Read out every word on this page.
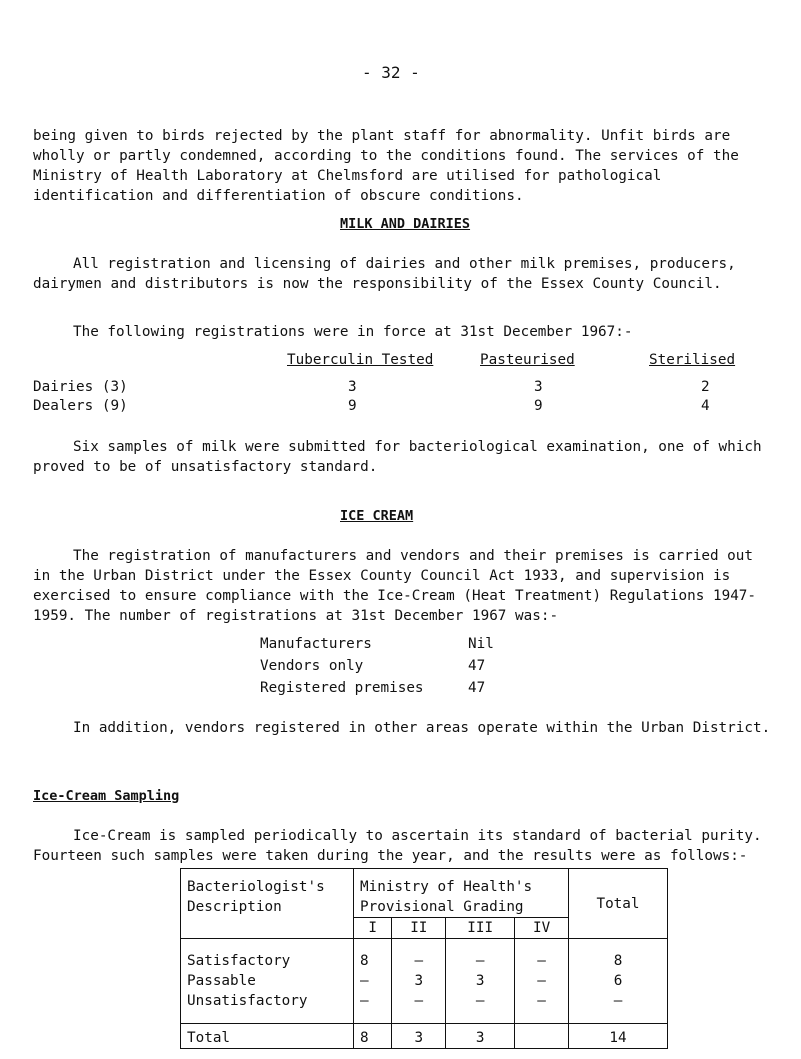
- 32 -
being given to birds rejected by the plant staff for abnormality. Unfit birds are wholly or partly condemned, according to the conditions found. The services of the Ministry of Health Laboratory at Chelmsford are utilised for pathological identification and differentiation of obscure conditions.
MILK AND DAIRIES
All registration and licensing of dairies and other milk premises, producers, dairymen and distributors is now the responsibility of the Essex County Council.
The following registrations were in force at 31st December 1967:-
Tuberculin Tested	Pasteurised	Sterilised
Dairies (3)	3	3	2
Dealers (9)	9	9	4
Six samples of milk were submitted for bacteriological examination, one of which proved to be of unsatisfactory standard.
ICE CREAM
The registration of manufacturers and vendors and their premises is carried out in the Urban District under the Essex County Council Act 1933, and supervision is exercised to ensure compliance with the Ice-Cream (Heat Treatment) Regulations 1947-1959. The number of registrations at 31st December 1967 was:-
Manufacturers	Nil
Vendors only	47
Registered premises	47
In addition, vendors registered in other areas operate within the Urban District.
Ice-Cream Sampling
Ice-Cream is sampled periodically to ascertain its standard of bacterial purity. Fourteen such samples were taken during the year, and the results were as follows:-
Bacteriologist's Description	Ministry of Health's Provisional Grading				Total
	I	II	III	IV	
Satisfactory	8	–	–	–	8
Passable	–	3	3	–	6
Unsatisfactory	–	–	–	–	–
Total	8	3	3		14
